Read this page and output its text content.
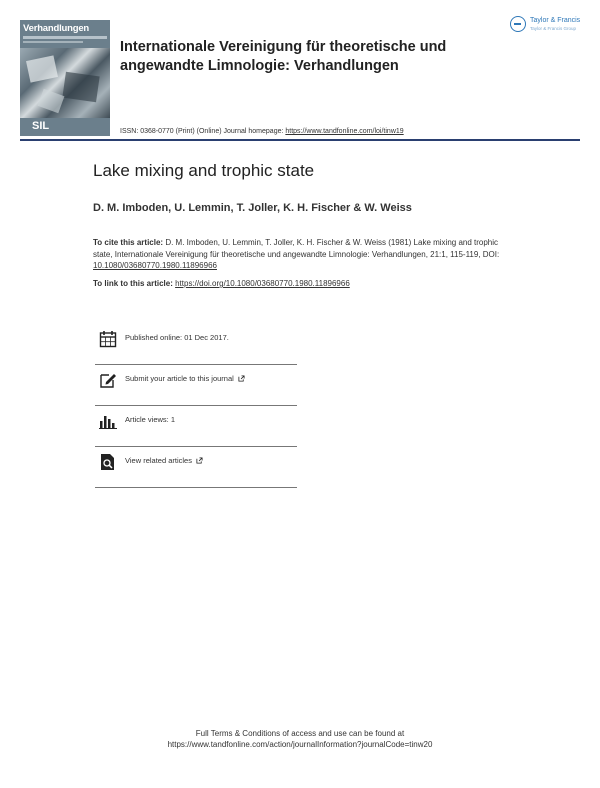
Verhandlungen
SIL
Internationale Vereinigung für theoretische und angewandte Limnologie: Verhandlungen
Taylor & Francis
Taylor & Francis Group
ISSN: 0368-0770 (Print) (Online) Journal homepage: https://www.tandfonline.com/loi/tinw19
Lake mixing and trophic state
D. M. Imboden, U. Lemmin, T. Joller, K. H. Fischer & W. Weiss
To cite this article: D. M. Imboden, U. Lemmin, T. Joller, K. H. Fischer & W. Weiss (1981) Lake mixing and trophic state, Internationale Vereinigung für theoretische und angewandte Limnologie: Verhandlungen, 21:1, 115-119, DOI: 10.1080/03680770.1980.11896966
To link to this article: https://doi.org/10.1080/03680770.1980.11896966
Published online: 01 Dec 2017.
Submit your article to this journal
Article views: 1
View related articles
Full Terms & Conditions of access and use can be found at
https://www.tandfonline.com/action/journalInformation?journalCode=tinw20
